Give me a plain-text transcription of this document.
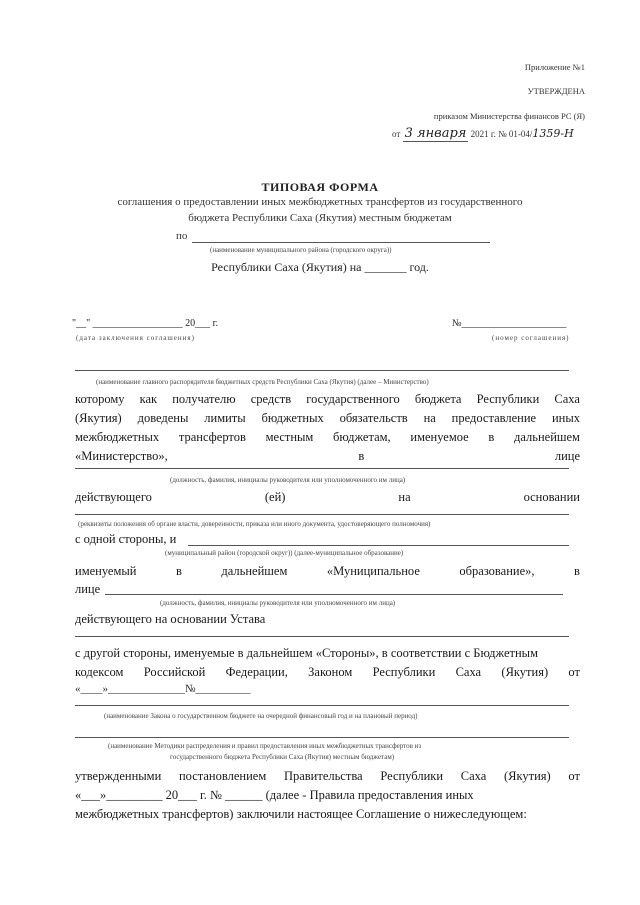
Приложение №1
УТВЕРЖДЕНА
приказом Министерства финансов РС (Я)
от 3 января 2021 г. № 01-04/1359-Н
ТИПОВАЯ ФОРМА
соглашения о предоставлении иных межбюджетных трансфертов из государственного
бюджета Республики Саха (Якутия) местным бюджетам
по
(наименование муниципального района (городского округа))
Республики Саха (Якутия) на _______ год.
"__" __________________ 20___ г.
(дата заключения соглашения)
№_____________________
(номер соглашения)
(наименование главного распорядителя бюджетных средств Республики Саха (Якутия) (далее – Министерство)
которому как получателю средств государственного бюджета Республики Саха
(Якутия) доведены лимиты бюджетных обязательств на предоставление иных
межбюджетных трансфертов местным бюджетам, именуемое в дальнейшем
«Министерство»,	в	лице
(должность, фамилия, инициалы руководителя или уполномоченного им лица)
действующего	(ей)	на	основании
(реквизиты положения об органе власти, доверенности, приказа или иного документа, удостоверяющего полномочия)
с одной стороны, и
(муниципальный район (городской округ)) (далее-муниципальное образование)
именуемый	в	дальнейшем	«Муниципальное	образование»,	в
лице
(должность, фамилия, инициалы руководителя или уполномоченного им лица)
действующего на основании Устава
с другой стороны, именуемые в дальнейшем «Стороны», в соответствии с Бюджетным
кодексом Российской Федерации, Законом Республики Саха (Якутия) от
«____»______________№__________
(наименование Закона о государственном бюджете на очередной финансовый год и на плановый период)
(наименование Методики распределения и правил предоставления иных межбюджетных трансфертов из
государственного бюджета Республики Саха (Якутия) местным бюджетам)
утвержденными постановлением Правительства Республики Саха (Якутия) от
«___»_________ 20___ г. № ______ (далее - Правила предоставления иных
межбюджетных трансфертов) заключили настоящее Соглашение о нижеследующем:
